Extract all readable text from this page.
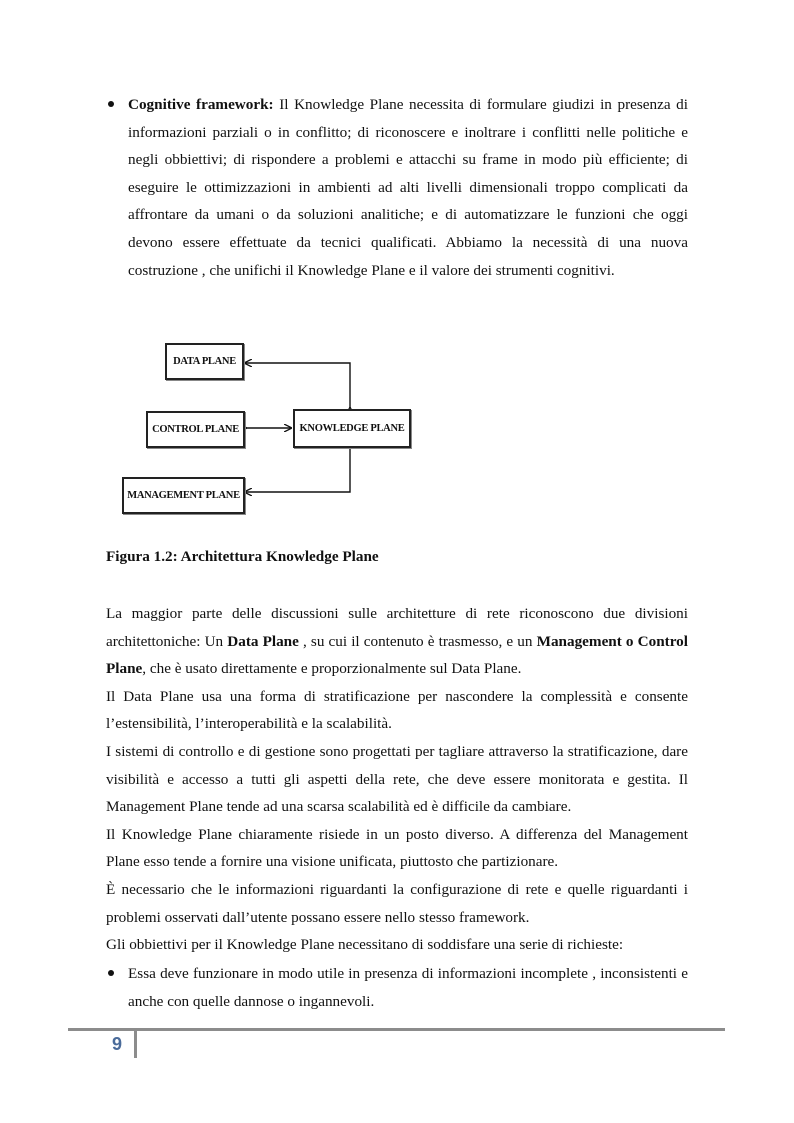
Cognitive framework: Il Knowledge Plane necessita di formulare giudizi in presenza di informazioni parziali o in conflitto; di riconoscere e inoltrare i conflitti nelle politiche e negli obbiettivi; di rispondere a problemi e attacchi su frame in modo più efficiente; di eseguire le ottimizzazioni in ambienti ad alti livelli dimensionali troppo complicati da affrontare da umani o da soluzioni analitiche; e di automatizzare le funzioni che oggi devono essere effettuate da tecnici qualificati. Abbiamo la necessità di una nuova costruzione , che unifichi il Knowledge Plane e il valore dei strumenti cognitivi.

DATA PLANE
CONTROL PLANE	KNOWLEDGE PLANE
MANAGEMENT PLANE
Figura 1.2: Architettura Knowledge Plane

La maggior parte delle discussioni sulle architetture di rete riconoscono due divisioni architettoniche: Un Data Plane , su cui il contenuto è trasmesso, e un Management o Control Plane, che è usato direttamente e proporzionalmente sul Data Plane.

Il Data Plane usa una forma di stratificazione per nascondere la complessità e consente l’estensibilità, l’interoperabilità e la scalabilità.

I sistemi di controllo e di gestione sono progettati per tagliare attraverso la stratificazione, dare visibilità e accesso a tutti gli aspetti della rete, che deve essere monitorata e gestita. Il Management Plane tende ad una scarsa scalabilità ed è difficile da cambiare.

Il Knowledge Plane chiaramente risiede in un posto diverso. A differenza del Management Plane esso tende a fornire una visione unificata, piuttosto che partizionare.

È necessario che le informazioni riguardanti la configurazione di rete e quelle riguardanti i problemi osservati dall’utente possano essere nello stesso framework.

Gli obbiettivi per il Knowledge Plane necessitano di soddisfare una serie di richieste:

Essa deve funzionare in modo utile in presenza di informazioni incomplete , inconsistenti e anche con quelle dannose o ingannevoli.

9
